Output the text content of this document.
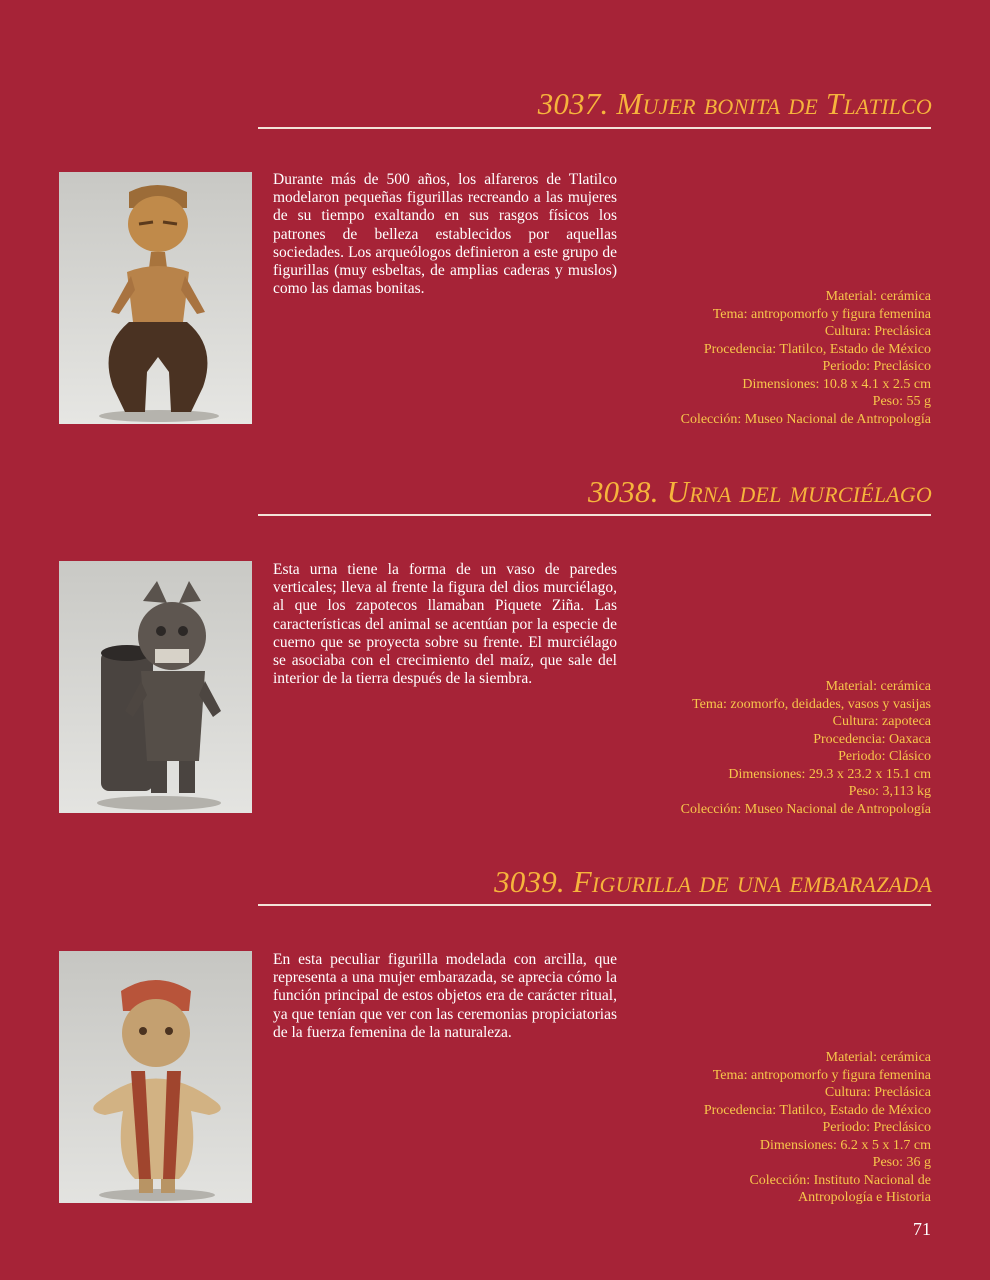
3037. Mujer bonita de Tlatilco

Durante más de 500 años, los alfareros de Tlatilco modelaron pequeñas figurillas recreando a las mujeres de su tiempo exaltando en sus rasgos físicos los patrones de belleza establecidos por aquellas sociedades. Los arqueólogos definieron a este grupo de figurillas (muy esbeltas, de amplias caderas y muslos) como las damas bonitas.	Material: cerámica
Tema: antropomorfo y figura femenina
Cultura: Preclásica
Procedencia: Tlatilco, Estado de México
Periodo: Preclásico
Dimensiones: 10.8 x 4.1 x 2.5 cm
Peso: 55 g
Colección: Museo Nacional de Antropología
3038. Urna del murciélago

Esta urna tiene la forma de un vaso de paredes verticales; lleva al frente la figura del dios murciélago, al que los zapotecos llamaban Piquete Ziña. Las características del animal se acentúan por la especie de cuerno que se proyecta sobre su frente. El murciélago se asociaba con el crecimiento del maíz, que sale del interior de la tierra después de la siembra.	Material: cerámica
Tema: zoomorfo, deidades, vasos y vasijas
Cultura: zapoteca
Procedencia: Oaxaca
Periodo: Clásico
Dimensiones: 29.3 x 23.2 x 15.1 cm
Peso: 3,113 kg
Colección: Museo Nacional de Antropología
3039. Figurilla de una embarazada

En esta peculiar figurilla modelada con arcilla, que representa a una mujer embarazada, se aprecia cómo la función principal de estos objetos era de carácter ritual, ya que tenían que ver con las ceremonias propiciatorias de la fuerza femenina de la naturaleza.

Material: cerámica
Tema: antropomorfo y figura femenina
Cultura: Preclásica
Procedencia: Tlatilco, Estado de México
Periodo: Preclásico
Dimensiones: 6.2 x 5 x 1.7 cm
Peso: 36 g
Colección: Instituto Nacional de
Antropología e Historia
71
